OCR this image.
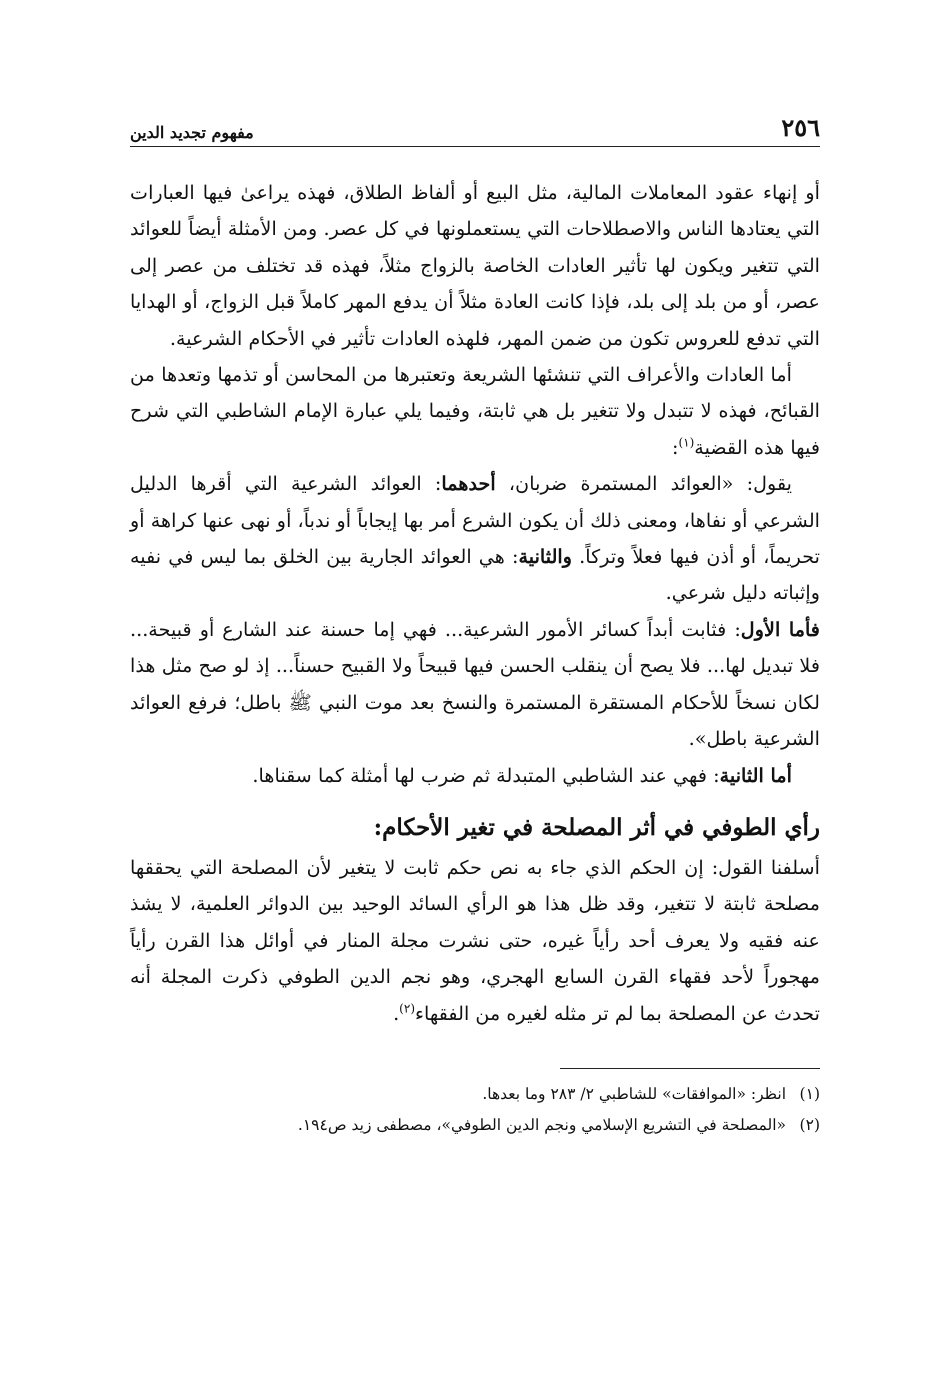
٢٥٦
مفهوم تجديد الدين

أو إنهاء عقود المعاملات المالية، مثل البيع أو ألفاظ الطلاق، فهذه يراعىٰ فيها العبارات التي يعتادها الناس والاصطلاحات التي يستعملونها في كل عصر. ومن الأمثلة أيضاً للعوائد التي تتغير ويكون لها تأثير العادات الخاصة بالزواج مثلاً، فهذه قد تختلف من عصر إلى عصر، أو من بلد إلى بلد، فإذا كانت العادة مثلاً أن يدفع المهر كاملاً قبل الزواج، أو الهدايا التي تدفع للعروس تكون من ضمن المهر، فلهذه العادات تأثير في الأحكام الشرعية.

أما العادات والأعراف التي تنشئها الشريعة وتعتبرها من المحاسن أو تذمها وتعدها من القبائح، فهذه لا تتبدل ولا تتغير بل هي ثابتة، وفيما يلي عبارة الإمام الشاطبي التي شرح فيها هذه القضية$^{(١)}$:

يقول: «العوائد المستمرة ضربان، أحدهما: العوائد الشرعية التي أقرها الدليل الشرعي أو نفاها، ومعنى ذلك أن يكون الشرع أمر بها إيجاباً أو ندباً، أو نهى عنها كراهة أو تحريماً، أو أذن فيها فعلاً وتركاً. والثانية: هي العوائد الجارية بين الخلق بما ليس في نفيه وإثباته دليل شرعي.

فأما الأول: فثابت أبداً كسائر الأمور الشرعية... فهي إما حسنة عند الشارع أو قبيحة... فلا تبديل لها... فلا يصح أن ينقلب الحسن فيها قبيحاً ولا القبيح حسناً... إذ لو صح مثل هذا لكان نسخاً للأحكام المستقرة المستمرة والنسخ بعد موت النبي ﷺ باطل؛ فرفع العوائد الشرعية باطل».

أما الثانية: فهي عند الشاطبي المتبدلة ثم ضرب لها أمثلة كما سقناها.

رأي الطوفي في أثر المصلحة في تغير الأحكام:

أسلفنا القول: إن الحكم الذي جاء به نص حكم ثابت لا يتغير لأن المصلحة التي يحققها مصلحة ثابتة لا تتغير، وقد ظل هذا هو الرأي السائد الوحيد بين الدوائر العلمية، لا يشذ عنه فقيه ولا يعرف أحد رأياً غيره، حتى نشرت مجلة المنار في أوائل هذا القرن رأياً مهجوراً لأحد فقهاء القرن السابع الهجري، وهو نجم الدين الطوفي ذكرت المجلة أنه تحدث عن المصلحة بما لم تر مثله لغيره من الفقهاء$^{(٢)}$.

(١)انظر: «الموافقات» للشاطبي ٢/ ٢٨٣ وما بعدها.

(٢)«المصلحة في التشريع الإسلامي ونجم الدين الطوفي»، مصطفى زيد ص١٩٤.
